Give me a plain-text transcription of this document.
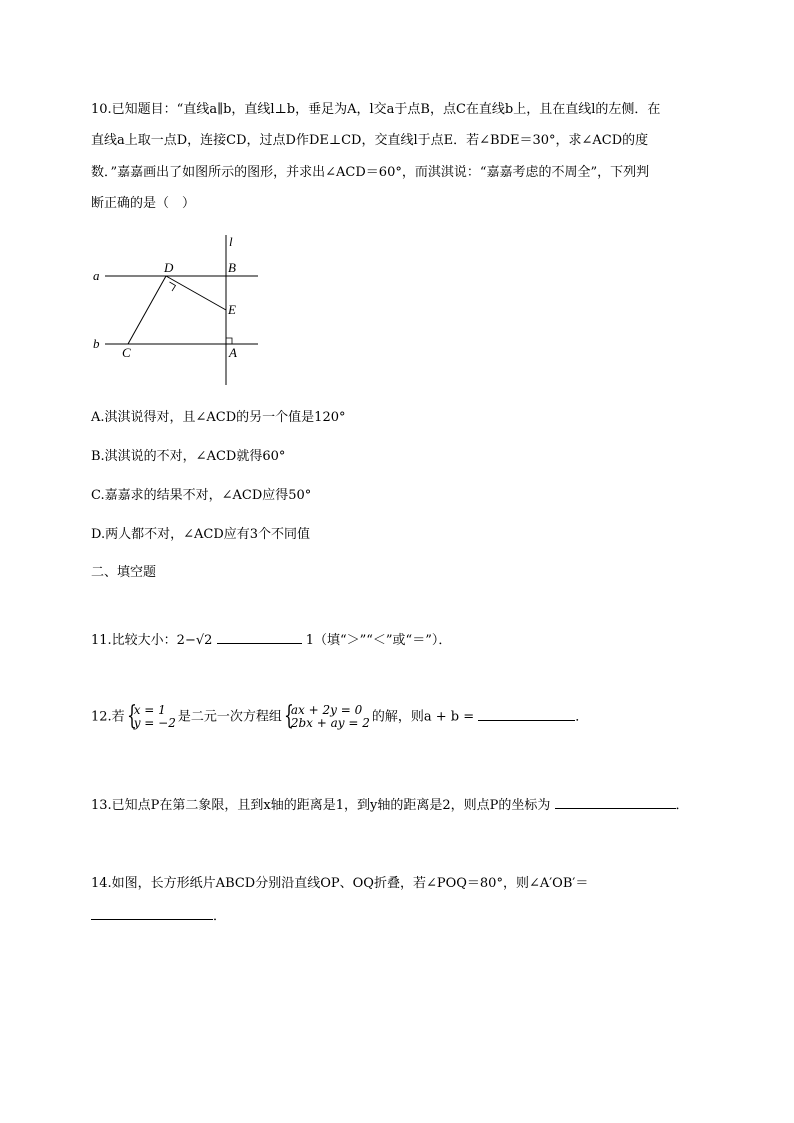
10.已知题目：“直线a∥b，直线l⊥b，垂足为A，l交a于点B，点C在直线b上，且在直线l的左侧．在
直线a上取一点D，连接CD，过点D作DE⊥CD，交直线l于点E．若∠BDE＝30°，求∠ACD的度
数．”嘉嘉画出了如图所示的图形，并求出∠ACD＝60°，而淇淇说：“嘉嘉考虑的不周全”，下列判
断正确的是（　）
l
a
b
D	B
E
C	A
A.淇淇说得对，且∠ACD的另一个值是120°
B.淇淇说的不对，∠ACD就得60°
C.嘉嘉求的结果不对，∠ACD应得50°
D.两人都不对，∠ACD应有3个不同值
二、填空题
11.比较大小：2−√2	1（填“＞”“＜”或“＝”）．
12.若 {
x = 1
y = −2 是二元一次方程组 {
ax + 2y = 0
2bx + ay = 2 的解，则a + b =	．
13.已知点P在第二象限，且到x轴的距离是1，到y轴的距离是2，则点P的坐标为	．
14.如图，长方形纸片ABCD分别沿直线OP、OQ折叠，若∠POQ＝80°，则∠A′OB′＝
．
